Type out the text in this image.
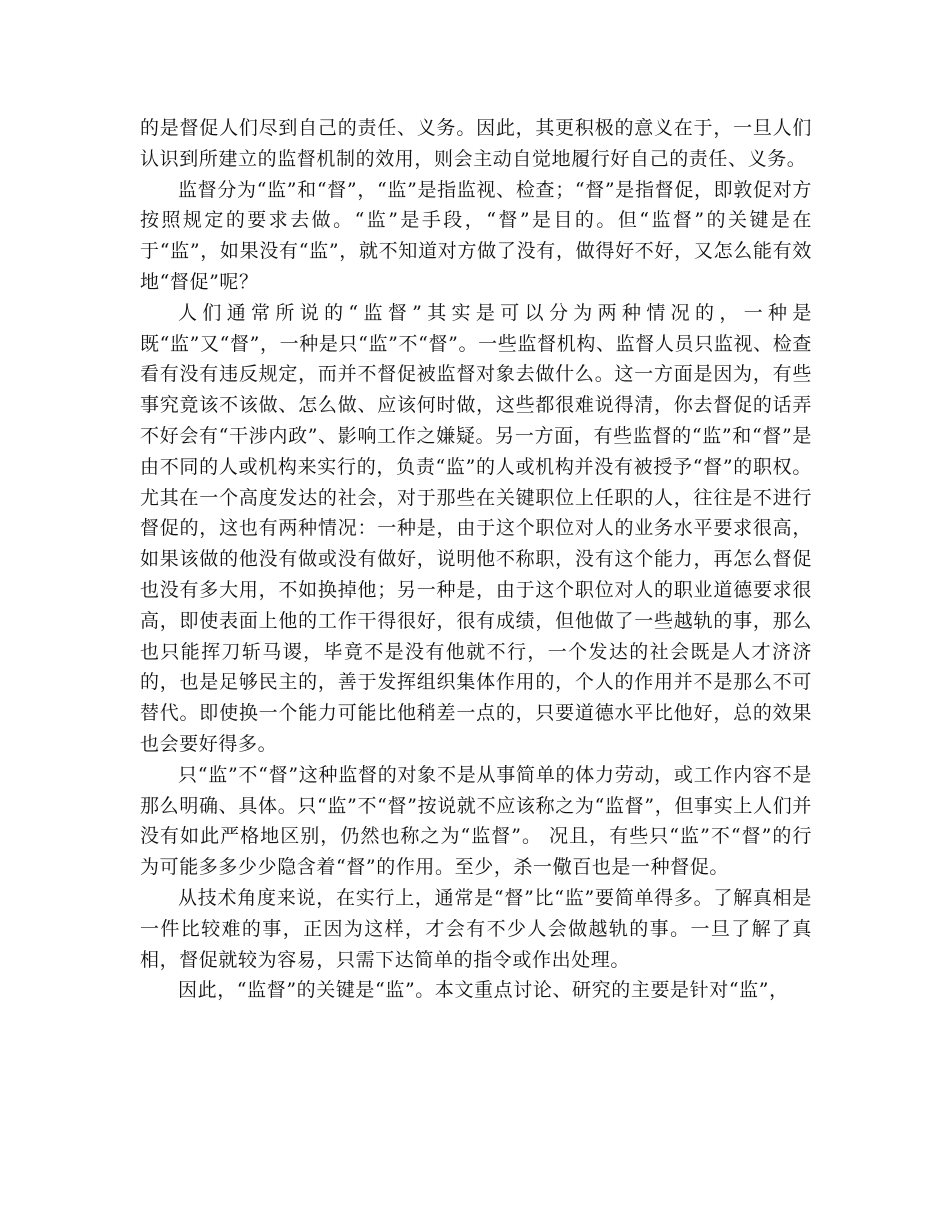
的是督促人们尽到自己的责任、义务。因此，其更积极的意义在于，一旦人们认识到所建立的监督机制的效用，则会主动自觉地履行好自己的责任、义务。

监督分为“监”和“督”，“监”是指监视、检查；“督”是指督促，即敦促对方按照规定的要求去做。“监”是手段，“督”是目的。但“监督”的关键是在于“监”，如果没有“监”，就不知道对方做了没有，做得好不好，又怎么能有效地“督促”呢？

人们通常所说的“监督”其实是可以分为两种情况的，一种是既“监”又“督”，一种是只“监”不“督”。一些监督机构、监督人员只监视、检查看有没有违反规定，而并不督促被监督对象去做什么。这一方面是因为，有些事究竟该不该做、怎么做、应该何时做，这些都很难说得清，你去督促的话弄不好会有“干涉内政”、影响工作之嫌疑。另一方面，有些监督的“监”和“督”是由不同的人或机构来实行的，负责“监”的人或机构并没有被授予“督”的职权。尤其在一个高度发达的社会，对于那些在关键职位上任职的人，往往是不进行督促的，这也有两种情况：一种是，由于这个职位对人的业务水平要求很高，如果该做的他没有做或没有做好，说明他不称职，没有这个能力，再怎么督促也没有多大用，不如换掉他；另一种是，由于这个职位对人的职业道德要求很高，即使表面上他的工作干得很好，很有成绩，但他做了一些越轨的事，那么也只能挥刀斩马谡，毕竟不是没有他就不行，一个发达的社会既是人才济济的，也是足够民主的，善于发挥组织集体作用的，个人的作用并不是那么不可替代。即使换一个能力可能比他稍差一点的，只要道德水平比他好，总的效果也会要好得多。

只“监”不“督”这种监督的对象不是从事简单的体力劳动，或工作内容不是那么明确、具体。只“监”不“督”按说就不应该称之为“监督”，但事实上人们并没有如此严格地区别，仍然也称之为“监督”。 况且，有些只“监”不“督”的行为可能多多少少隐含着“督”的作用。至少，杀一儆百也是一种督促。

从技术角度来说，在实行上，通常是“督”比“监”要简单得多。了解真相是一件比较难的事，正因为这样，才会有不少人会做越轨的事。一旦了解了真相，督促就较为容易，只需下达简单的指令或作出处理。

因此，“监督”的关键是“监”。本文重点讨论、研究的主要是针对“监”，
